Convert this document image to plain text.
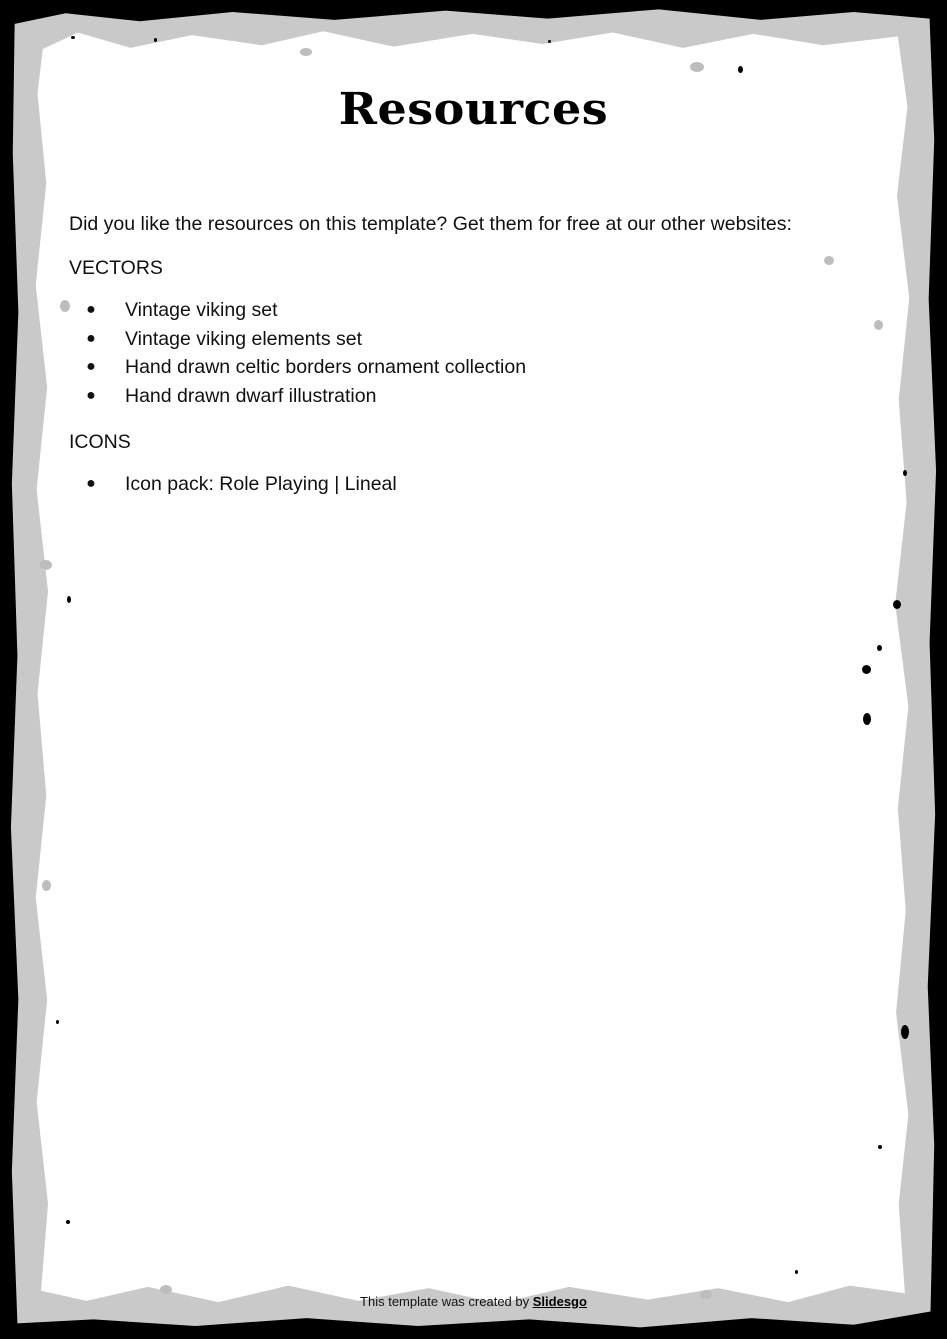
Resources

Did you like the resources on this template? Get them for free at our other websites:

VECTORS
● Vintage viking set
● Vintage viking elements set
● Hand drawn celtic borders ornament collection
● Hand drawn dwarf illustration
ICONS
● Icon pack: Role Playing | Lineal
This template was created by Slidesgo
